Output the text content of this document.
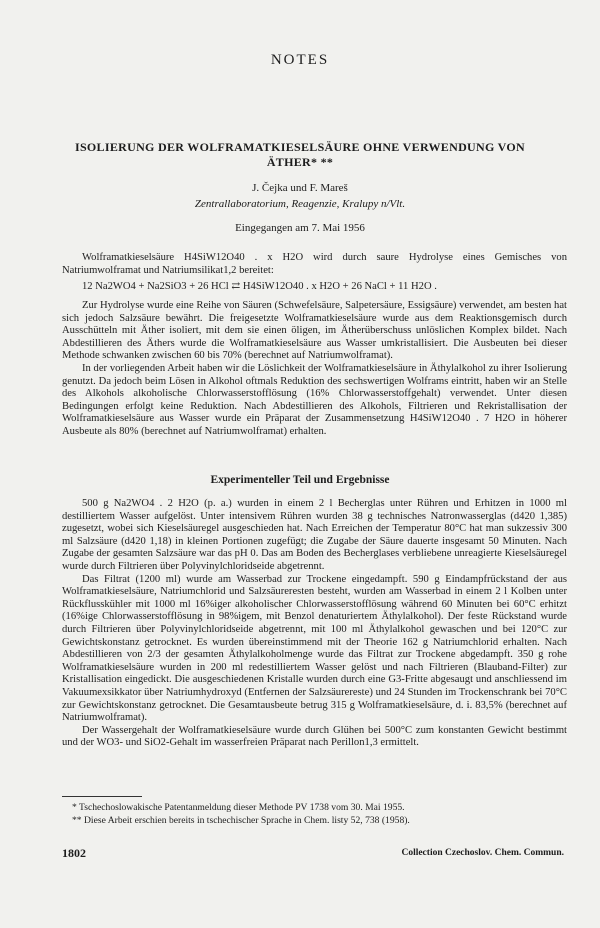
NOTES
ISOLIERUNG DER WOLFRAMATKIESELSÄURE OHNE VERWENDUNG VON ÄTHER* **
J. Čejka und F. Mareš
Zentrallaboratorium, Reagenzie, Kralupy n/Vlt.
Eingegangen am 7. Mai 1956

Wolframatkieselsäure H4SiW12O40 . x H2O wird durch saure Hydrolyse eines Gemisches von Natriumwolframat und Natriumsilikat1,2 bereitet:

12 Na2WO4 + Na2SiO3 + 26 HCl ⇄ H4SiW12O40 . x H2O + 26 NaCl + 11 H2O .

Zur Hydrolyse wurde eine Reihe von Säuren (Schwefelsäure, Salpetersäure, Essigsäure) verwendet, am besten hat sich jedoch Salzsäure bewährt. Die freigesetzte Wolframatkieselsäure wurde aus dem Reaktionsgemisch durch Ausschütteln mit Äther isoliert, mit dem sie einen öligen, im Ätherüberschuss unlöslichen Komplex bildet. Nach Abdestillieren des Äthers wurde die Wolframatkieselsäure aus Wasser umkristallisiert. Die Ausbeuten bei dieser Methode schwanken zwischen 60 bis 70% (berechnet auf Natriumwolframat).

In der vorliegenden Arbeit haben wir die Löslichkeit der Wolframatkieselsäure in Äthylalkohol zu ihrer Isolierung genutzt. Da jedoch beim Lösen in Alkohol oftmals Reduktion des sechswertigen Wolframs eintritt, haben wir an Stelle des Alkohols alkoholische Chlorwasserstofflösung (16% Chlorwasserstoffgehalt) verwendet. Unter diesen Bedingungen erfolgt keine Reduktion. Nach Abdestillieren des Alkohols, Filtrieren und Rekristallisation der Wolframatkieselsäure aus Wasser wurde ein Präparat der Zusammensetzung H4SiW12O40 . 7 H2O in höherer Ausbeute als 80% (berechnet auf Natriumwolframat) erhalten.

Experimenteller Teil und Ergebnisse

500 g Na2WO4 . 2 H2O (p. a.) wurden in einem 2 l Becherglas unter Rühren und Erhitzen in 1000 ml destilliertem Wasser aufgelöst. Unter intensivem Rühren wurden 38 g technisches Natronwasserglas (d420 1,385) zugesetzt, wobei sich Kieselsäuregel ausgeschieden hat. Nach Erreichen der Temperatur 80°C hat man sukzessiv 300 ml Salzsäure (d420 1,18) in kleinen Portionen zugefügt; die Zugabe der Säure dauerte insgesamt 50 Minuten. Nach Zugabe der gesamten Salzsäure war das pH 0. Das am Boden des Becherglases verbliebene unreagierte Kieselsäuregel wurde durch Filtrieren über Polyvinylchloridseide abgetrennt.

Das Filtrat (1200 ml) wurde am Wasserbad zur Trockene eingedampft. 590 g Eindampfrückstand der aus Wolframatkieselsäure, Natriumchlorid und Salzsäureresten besteht, wurden am Wasserbad in einem 2 l Kolben unter Rückflusskühler mit 1000 ml 16%iger alkoholischer Chlorwasserstofflösung während 60 Minuten bei 60°C erhitzt (16%ige Chlorwasserstofflösung in 98%igem, mit Benzol denaturiertem Äthylalkohol). Der feste Rückstand wurde durch Filtrieren über Polyvinylchloridseide abgetrennt, mit 100 ml Äthylalkohol gewaschen und bei 120°C zur Gewichtskonstanz getrocknet. Es wurden übereinstimmend mit der Theorie 162 g Natriumchlorid erhalten. Nach Abdestillieren von 2/3 der gesamten Äthylalkoholmenge wurde das Filtrat zur Trockene abgedampft. 350 g rohe Wolframatkieselsäure wurden in 200 ml redestilliertem Wasser gelöst und nach Filtrieren (Blauband-Filter) zur Kristallisation eingedickt. Die ausgeschiedenen Kristalle wurden durch eine G3-Fritte abgesaugt und anschliessend im Vakuumexsikkator über Natriumhydroxyd (Entfernen der Salzsäurereste) und 24 Stunden im Trockenschrank bei 70°C zur Gewichtskonstanz getrocknet. Die Gesamtausbeute betrug 315 g Wolframatkieselsäure, d. i. 83,5% (berechnet auf Natriumwolframat).

Der Wassergehalt der Wolframatkieselsäure wurde durch Glühen bei 500°C zum konstanten Gewicht bestimmt und der WO3- und SiO2-Gehalt im wasserfreien Präparat nach Perillon1,3 ermittelt.

* Tschechoslowakische Patentanmeldung dieser Methode PV 1738 vom 30. Mai 1955.
** Diese Arbeit erschien bereits in tschechischer Sprache in Chem. listy 52, 738 (1958).
1802	Collection Czechoslov. Chem. Commun.
